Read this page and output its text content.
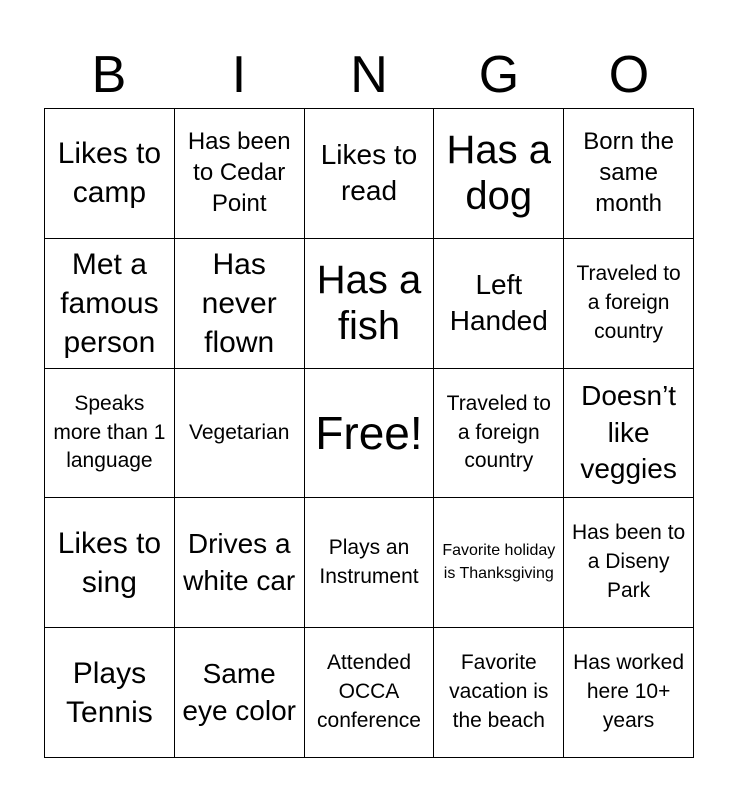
B	I	N	G	O
Likes to camp
Has been to Cedar Point
Likes to read
Has a dog
Born the same month
Met a famous person
Has never flown
Has a fish
Left Handed
Traveled to a foreign country
Speaks more than 1 language
Vegetarian Free!
Traveled to a foreign country
Doesn’t like veggies
Likes to sing
Drives a white car
Plays an Instrument
Favorite holiday is Thanksgiving
Has been to a Diseny Park
Plays Tennis
Same eye color
Attended OCCA conference
Favorite vacation is the beach
Has worked here 10+ years
